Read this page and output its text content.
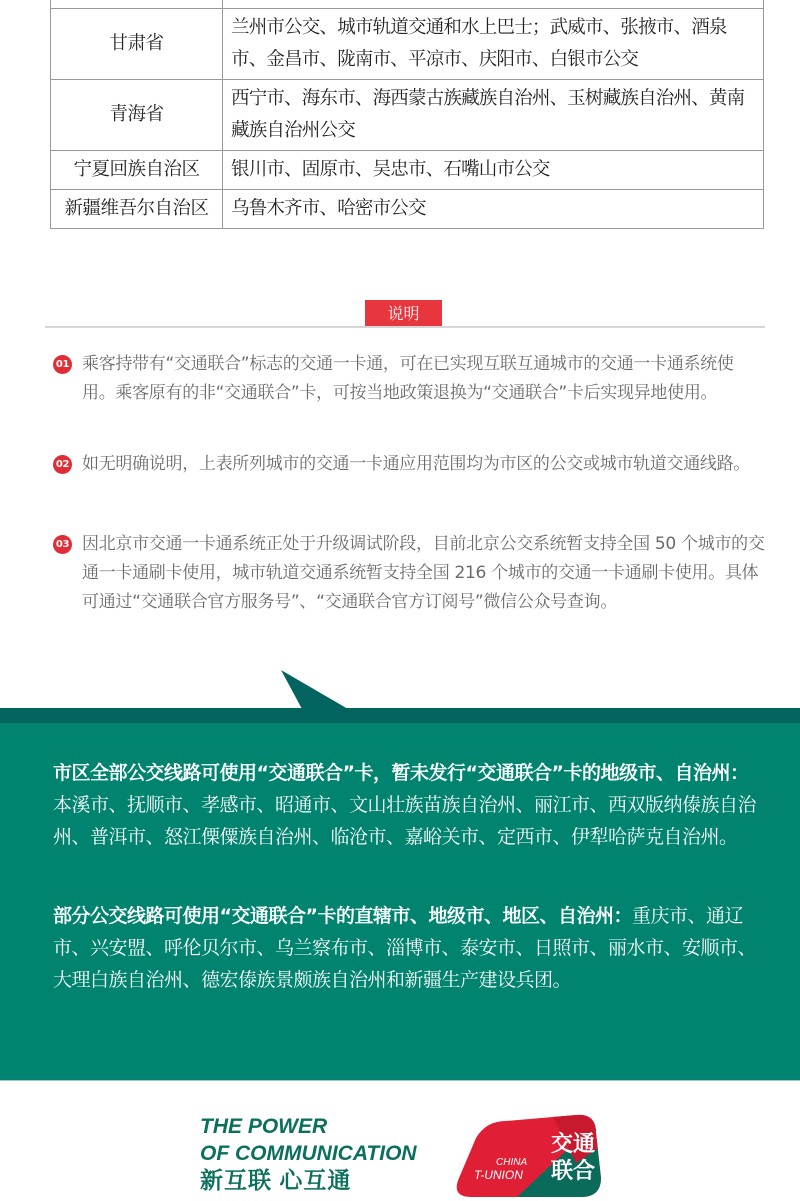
甘肃省	兰州市公交、城市轨道交通和水上巴士；武威市、张掖市、酒泉市、金昌市、陇南市、平凉市、庆阳市、白银市公交
青海省	西宁市、海东市、海西蒙古族藏族自治州、玉树藏族自治州、黄南藏族自治州公交
宁夏回族自治区	银川市、固原市、吴忠市、石嘴山市公交
新疆维吾尔自治区	乌鲁木齐市、哈密市公交
说明
01 乘客持带有“交通联合”标志的交通一卡通，可在已实现互联互通城市的交通一卡通系统使用。乘客原有的非“交通联合”卡，可按当地政策退换为“交通联合”卡后实现异地使用。
02 如无明确说明，上表所列城市的交通一卡通应用范围均为市区的公交或城市轨道交通线路。
03 因北京市交通一卡通系统正处于升级调试阶段，目前北京公交系统暂支持全国 50 个城市的交通一卡通刷卡使用，城市轨道交通系统暂支持全国 216 个城市的交通一卡通刷卡使用。具体可通过“交通联合官方服务号”、“交通联合官方订阅号”微信公众号查询。
市区全部公交线路可使用“交通联合”卡，暂未发行“交通联合”卡的地级市、自治州：本溪市、抚顺市、孝感市、昭通市、文山壮族苗族自治州、丽江市、西双版纳傣族自治州、普洱市、怒江傈僳族自治州、临沧市、嘉峪关市、定西市、伊犁哈萨克自治州。
部分公交线路可使用“交通联合”卡的直辖市、地级市、地区、自治州：重庆市、通辽市、兴安盟、呼伦贝尔市、乌兰察布市、淄博市、泰安市、日照市、丽水市、安顺市、大理白族自治州、德宏傣族景颇族自治州和新疆生产建设兵团。
THE POWER
OF COMMUNICATION
新互联 心互通
交通
联合
CHINA
T-UNION
